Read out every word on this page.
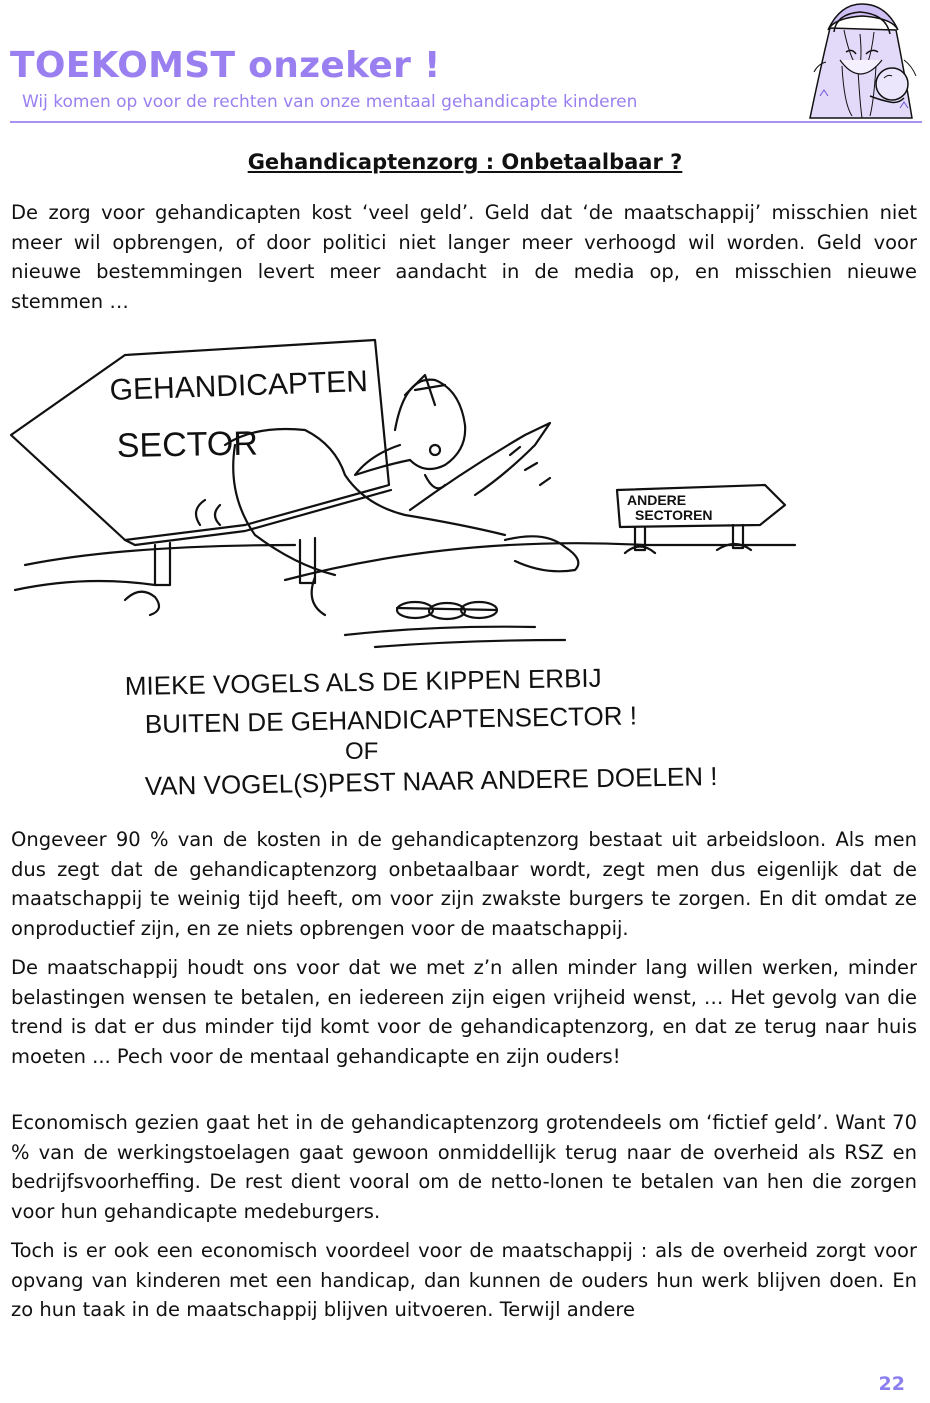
TOEKOMST onzeker !

Wij komen op voor de rechten van onze mentaal gehandicapte kinderen

Gehandicaptenzorg : Onbetaalbaar ?

De zorg voor gehandicapten kost ‘veel geld’. Geld dat ‘de maatschappij’ misschien niet meer wil opbrengen, of door politici niet langer meer verhoogd wil worden. Geld voor nieuwe bestemmingen levert meer aandacht in de media op, en misschien nieuwe stemmen …

GEHANDICAPTEN
SECTOR
ANDERE
SECTOREN
MIEKE VOGELS ALS DE KIPPEN ERBIJ
BUITEN DE GEHANDICAPTENSECTOR !
OF
VAN VOGEL(S)PEST NAAR ANDERE DOELEN !

Ongeveer 90 % van de kosten in de gehandicaptenzorg bestaat uit arbeidsloon. Als men dus zegt dat de gehandicaptenzorg onbetaalbaar wordt, zegt men dus eigenlijk dat de maatschappij te weinig tijd heeft, om voor zijn zwakste burgers te zorgen. En dit omdat ze onproductief zijn, en ze niets opbrengen voor de maatschappij.

De maatschappij houdt ons voor dat we met z’n allen minder lang willen werken, minder belastingen wensen te betalen, en iedereen zijn eigen vrijheid wenst, … Het gevolg van die trend is dat er dus minder tijd komt voor de gehandicaptenzorg, en dat ze terug naar huis moeten ... Pech voor de mentaal gehandicapte en zijn ouders!

Economisch gezien gaat het in de gehandicaptenzorg grotendeels om ‘fictief geld’. Want 70 % van de werkingstoelagen gaat gewoon onmiddellijk terug naar de overheid als RSZ en bedrijfsvoorheffing. De rest dient vooral om de netto-lonen te betalen van hen die zorgen voor hun gehandicapte medeburgers.

Toch is er ook een economisch voordeel voor de maatschappij : als de overheid zorgt voor opvang van kinderen met een handicap, dan kunnen de ouders hun werk blijven doen. En zo hun taak in de maatschappij blijven uitvoeren. Terwijl andere

22
